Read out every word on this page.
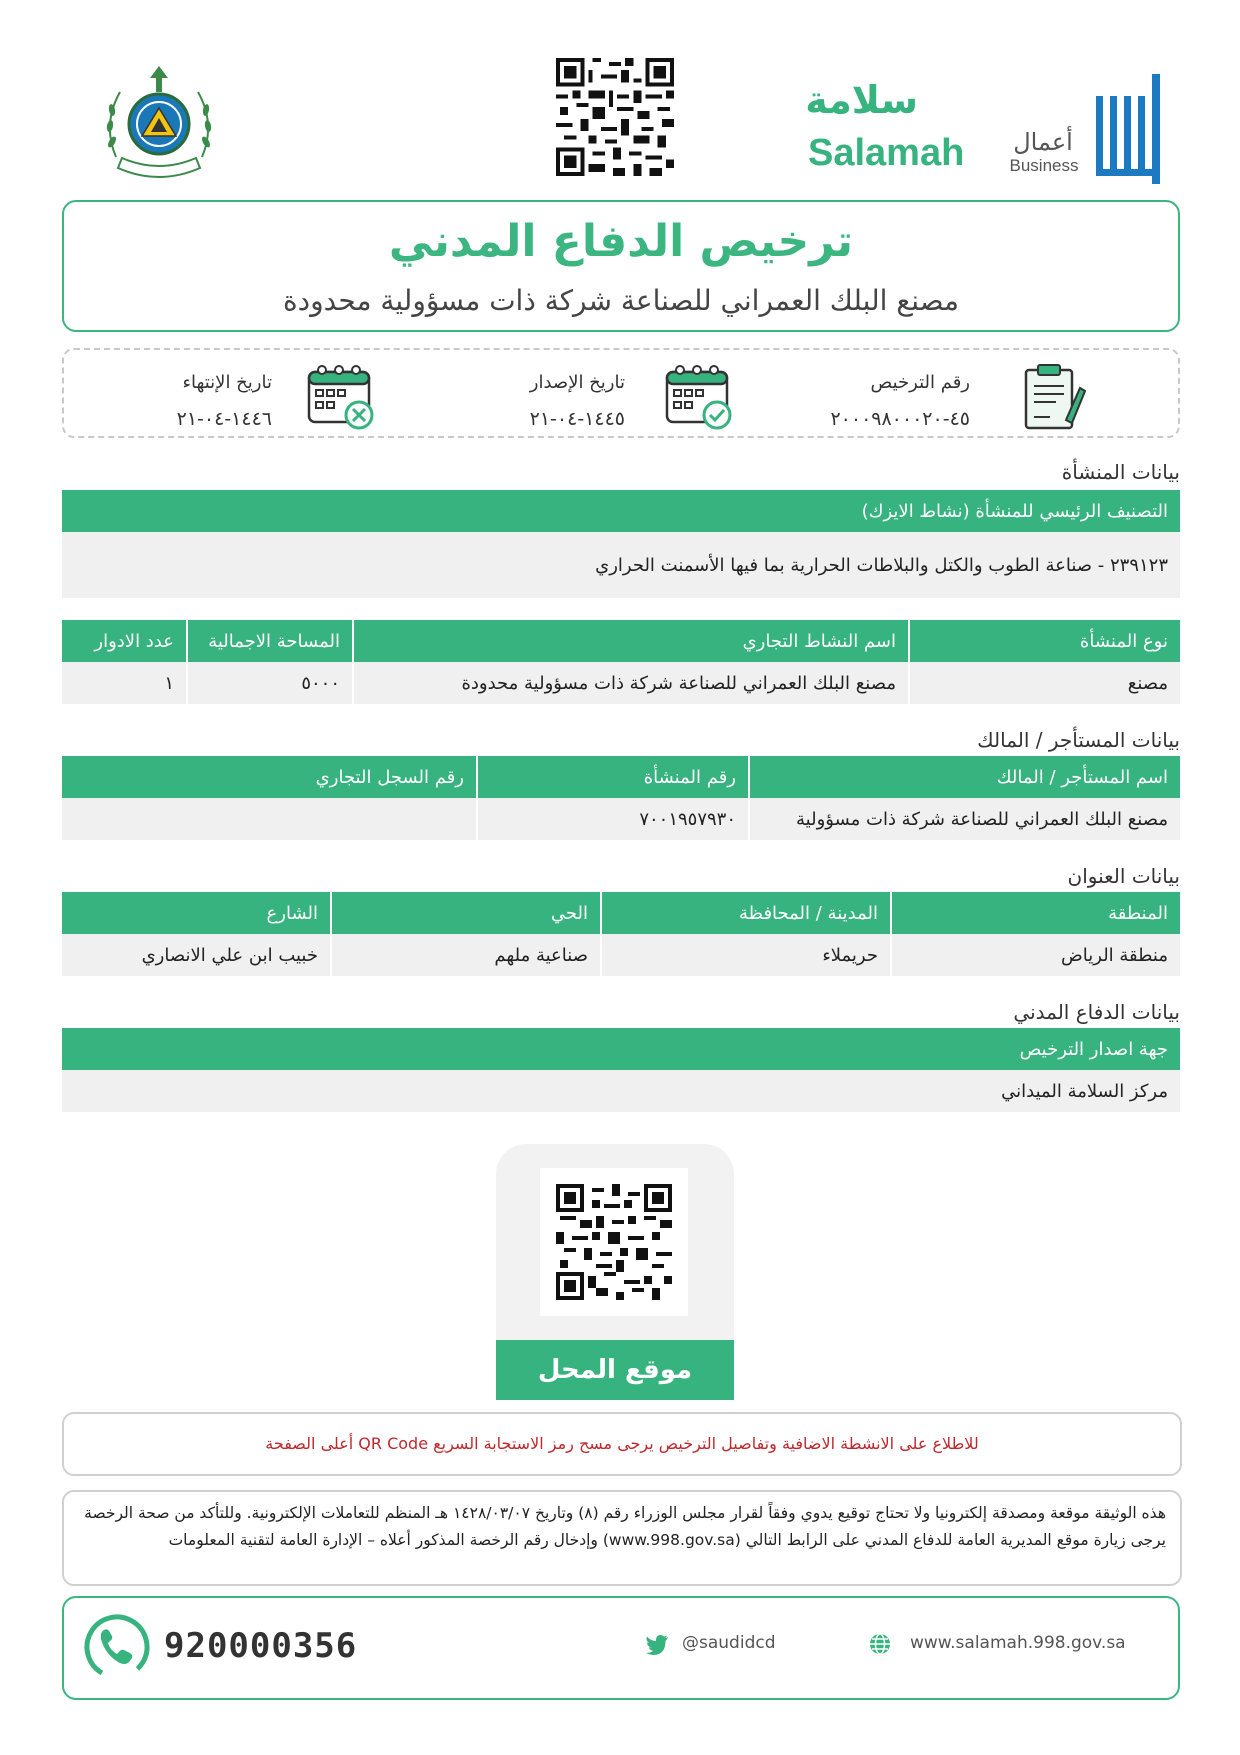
سلامة
Salamah	أعمال
Business
ترخيص الدفاع المدني
مصنع البلك العمراني للصناعة شركة ذات مسؤولية محدودة
رقم الترخيص
٤٥-٢٠٠٠٩٨٠٠٠٢٠
تاريخ الإصدار
١٤٤٥-٠٤-٢١
تاريخ الإنتهاء
١٤٤٦-٠٤-٢١
بيانات المنشأة
التصنيف الرئيسي للمنشأة (نشاط الايزك)
٢٣٩١٢٣ - صناعة الطوب والكتل والبلاطات الحرارية بما فيها الأسمنت الحراري
نوع المنشأة	اسم النشاط التجاري	المساحة الاجمالية	عدد الادوار
مصنع	مصنع البلك العمراني للصناعة شركة ذات مسؤولية محدودة	٥٠٠٠	١
بيانات المستأجر / المالك
اسم المستأجر / المالك	رقم المنشأة	رقم السجل التجاري
مصنع البلك العمراني للصناعة شركة ذات مسؤولية	٧٠٠١٩٥٧٩٣٠	
بيانات العنوان
المنطقة	المدينة / المحافظة	الحي	الشارع
منطقة الرياض	حريملاء	صناعية ملهم	خبيب ابن علي الانصاري
بيانات الدفاع المدني
جهة اصدار الترخيص
مركز السلامة الميداني
موقع المحل
للاطلاع على الانشطة الاضافية وتفاصيل الترخيص يرجى مسح رمز الاستجابة السريع QR Code أعلى الصفحة
هذه الوثيقة موقعة ومصدقة إلكترونيا ولا تحتاج توقيع يدوي وفقاً لقرار مجلس الوزراء رقم (٨) وتاريخ ١٤٢٨/٠٣/٠٧ هـ المنظم للتعاملات الإلكترونية. وللتأكد من صحة الرخصة يرجى زيارة موقع المديرية العامة للدفاع المدني على الرابط التالي (www.998.gov.sa) وإدخال رقم الرخصة المذكور أعلاه – الإدارة العامة لتقنية المعلومات
920000356	@saudidcd	www.salamah.998.gov.sa
